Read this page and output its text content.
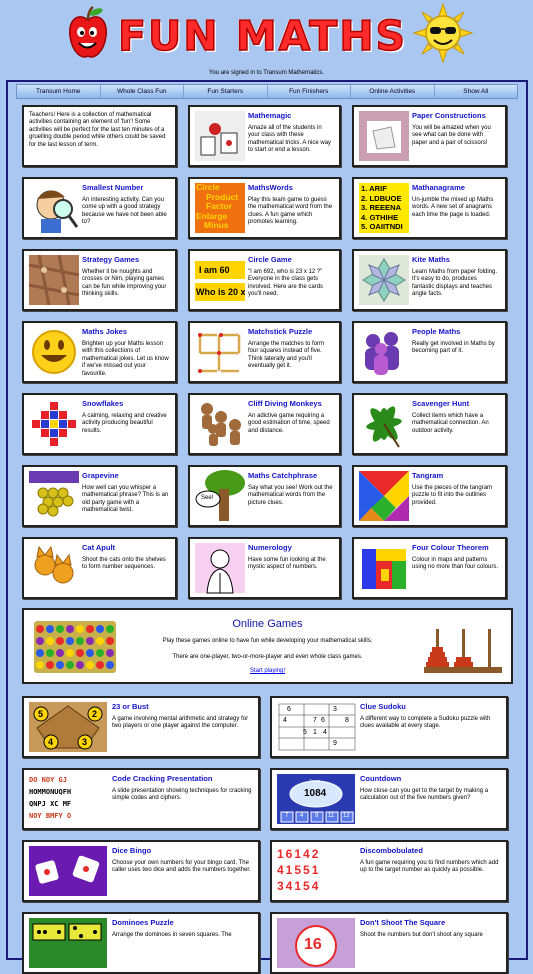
FUN MATHS
You are signed in to Transum Mathematics.
Transum Home	Whole Class Fun	Fun Starters	Fun Finishers	Online Activities	Show All
Teachers! Here is a collection of mathematical activities containing an element of 'fun'! Some activities will be perfect for the last ten minutes of a gruelling double period while others could be saved for the last lesson of term.
Mathemagic
Amaze all of the students in your class with these mathematical tricks. A nice way to start or end a lesson.
Paper Constructions
You will be amazed when you see what can be done with paper and a pair of scissors!
Smallest Number
An interesting activity. Can you come up with a good strategy because we have not been able to?
Circle
Product
Factor
Enlarge
Minus
MathsWords
Play this team game to guess the mathematical word from the clues. A fun game which promotes learning.
1. ARIF
2. LDBUOE
3. REEENA
4. GTHIHE
5. OAIITNDI
Mathanagrame
Un-jumble the mixed up Maths words. A new set of anagrams each time the page is loaded.
Strategy Games
Whether it be noughts and crosses or Nim, playing games can be fun while improving your thinking skills.
I am 60
Who is 20 x
Circle Game
"I am 692, who is 23 x 12 ?" Everyone in the class gets involved. Here are the cards you'll need.
Kite Maths
Learn Maths from paper folding. It's easy to do, produces fantastic displays and teaches angle facts.
Maths Jokes
Brighten up your Maths lesson with this collections of mathematical jokes. Let us know if we've missed out your favourite.
Matchstick Puzzle
Arrange the matches to form four squares instead of five. Think laterally and you'll eventually get it.
People Maths
Really get involved in Maths by becoming part of it.
Snowflakes
A calming, relaxing and creative activity producing beautiful results.
Cliff Diving Monkeys
An adictive game requiring a good estimation of time, speed and distance.
Scavenger Hunt
Collect items which have a mathematical connection. An outdoor activity.
Grapevine
How well can you whisper a mathematical phrase? This is an old party game with a mathematical twist.
See!
Maths Catchphrase
Say what you see! Work out the mathematical words from the picture clues.
Tangram
Use the pieces of the tangram puzzle to fit into the outlines provided.
Cat Apult
Shoot the cats onto the shelves to form number sequences.
Numerology
Have some fun looking at the mystic aspect of numbers.
Four Colour Theorem
Colour in maps and patterns using no more than four colours.
Online Games
Play these games online to have fun while developing your mathematical skills.
There are one-player, two-or-more-player and even whole class games.
Start playing!
5	2
4	3
23 or Bust
A game involving mental arithmetic and strategy for two players or one player against the computer.
6	3
4	7 6	8
5 1 4
9
Clue Sudoku
A different way to complete a Sudoku puzzle with clues available at every stage.
DO NOY GJ
HOMMONUQFH
QNPJ XC MF
NOY BMFY O
Code Cracking Presentation
A slide presentation showing techniques for cracking simple codes and ciphers.
Target
1084
7 4 9 11 12
Countdown
How close can you get to the target by making a calculation out of the five numbers given?
Dice Bingo
Choose your own numbers for your bingo card. The caller uses two dice and adds the numbers together.
16142
41551
34154
Discombobulated
A fun game requiring you to find numbers which add up to the target number as quickly as possible.
Dominoes Puzzle
Arrange the dominoes in seven squares. The
16
Don't Shoot The Square
Shoot the numbers but don't shoot any square
